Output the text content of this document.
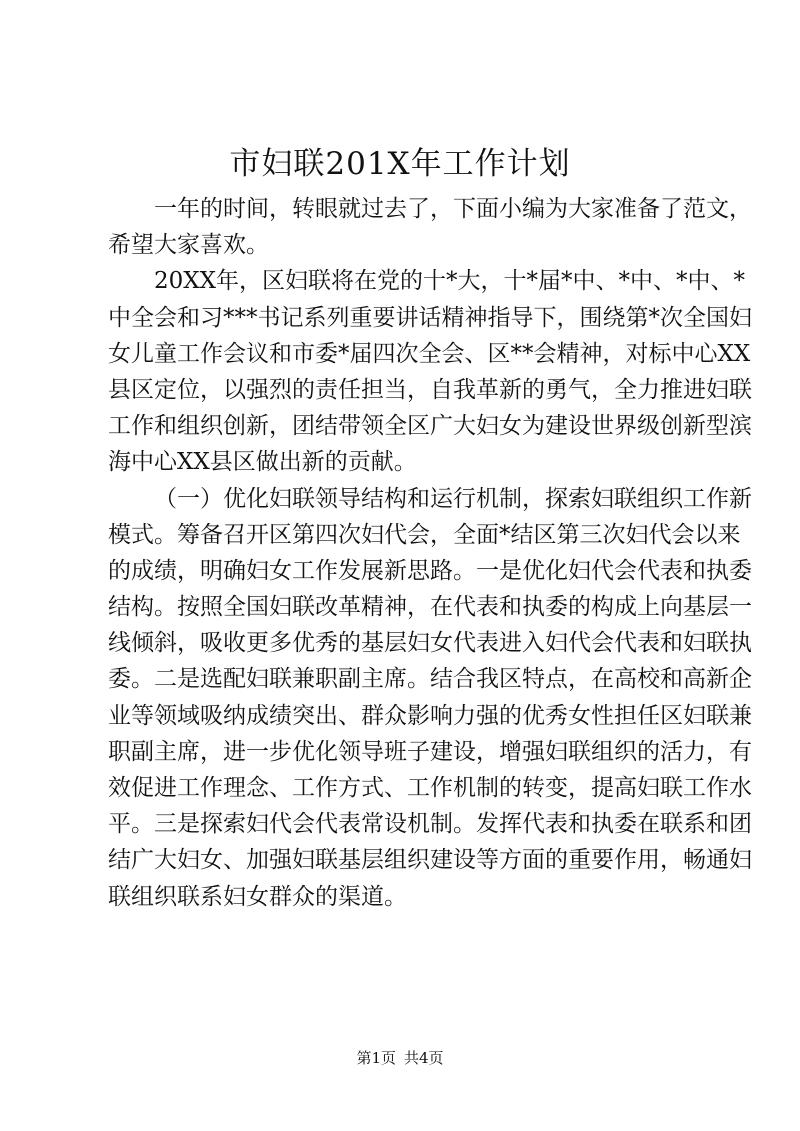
市妇联201X年工作计划
一年的时间，转眼就过去了，下面小编为大家准备了范文，
希望大家喜欢。
20XX年，区妇联将在党的十*大，十*届*中、*中、*中、*
中全会和习***书记系列重要讲话精神指导下，围绕第*次全国妇
女儿童工作会议和市委*届四次全会、区**会精神，对标中心XX
县区定位，以强烈的责任担当，自我革新的勇气，全力推进妇联
工作和组织创新，团结带领全区广大妇女为建设世界级创新型滨
海中心XX县区做出新的贡献。
（一）优化妇联领导结构和运行机制，探索妇联组织工作新
模式。筹备召开区第四次妇代会，全面*结区第三次妇代会以来
的成绩，明确妇女工作发展新思路。一是优化妇代会代表和执委
结构。按照全国妇联改革精神，在代表和执委的构成上向基层一
线倾斜，吸收更多优秀的基层妇女代表进入妇代会代表和妇联执
委。二是选配妇联兼职副主席。结合我区特点，在高校和高新企
业等领域吸纳成绩突出、群众影响力强的优秀女性担任区妇联兼
职副主席，进一步优化领导班子建设，增强妇联组织的活力，有
效促进工作理念、工作方式、工作机制的转变，提高妇联工作水
平。三是探索妇代会代表常设机制。发挥代表和执委在联系和团
结广大妇女、加强妇联基层组织建设等方面的重要作用，畅通妇
联组织联系妇女群众的渠道。
第1页 共4页
